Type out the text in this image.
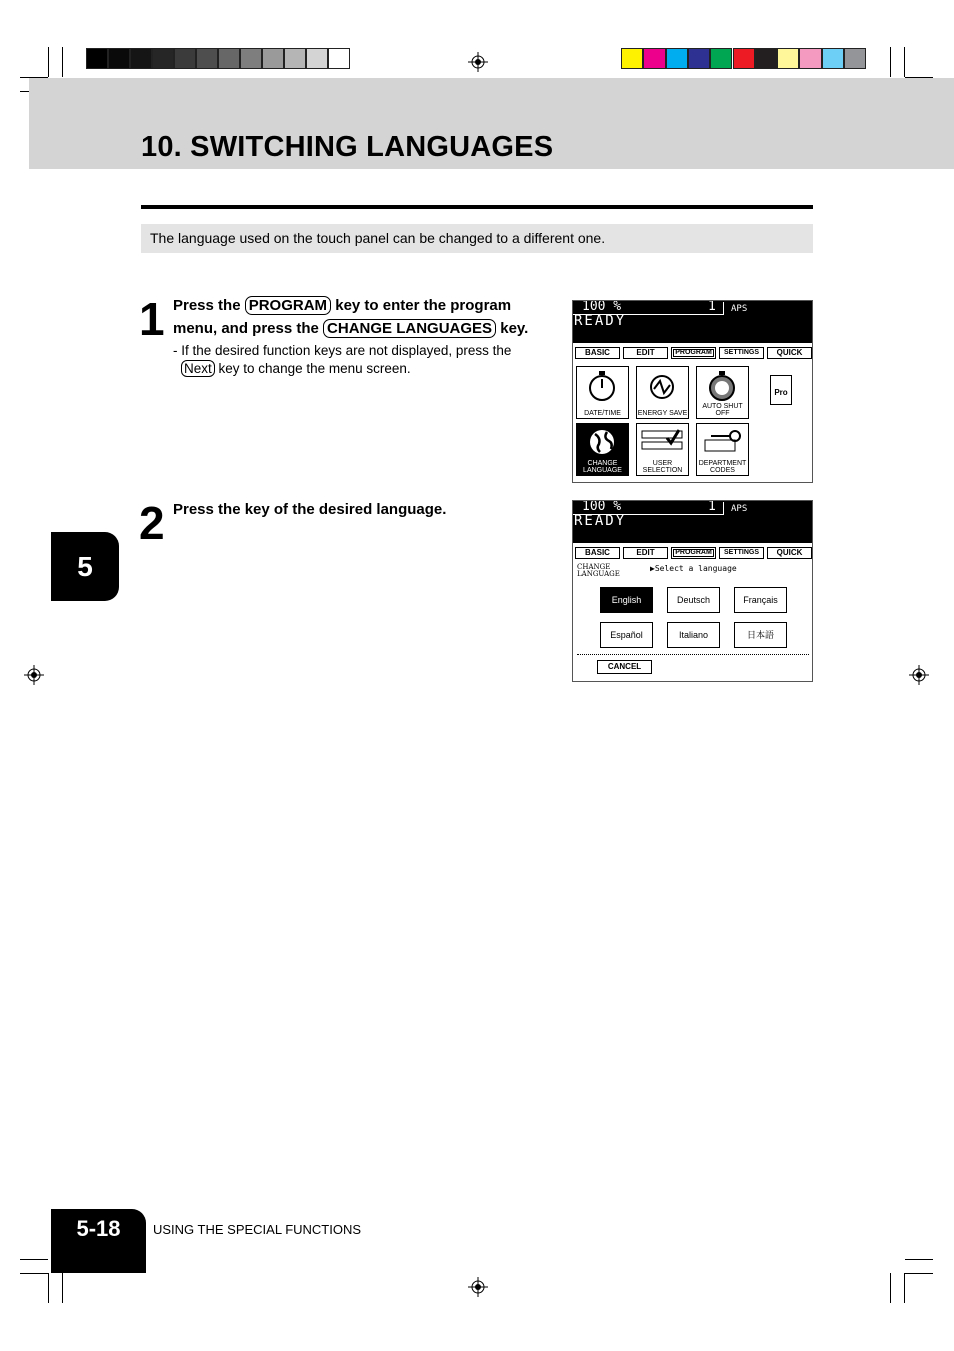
10. SWITCHING LANGUAGES
The language used on the touch panel can be changed to a different one.
1 Press the PROGRAM key to enter the program
menu, and press the CHANGE LANGUAGES key.
- If the desired function keys are not displayed, press the
Next key to change the menu screen.
100 %	1 APS
READY
BASIC	EDIT	PROGRAM	SETTINGS	QUICK
DATE/TIME	ENERGY SAVE
AUTO SHUT OFF
Pro
CHANGE LANGUAGE
USER SELECTION
DEPARTMENT CODES
2 Press the key of the desired language.	100 %	1 APS
READY
BASIC	EDIT	PROGRAM	SETTINGS	QUICK
CHANGE
LANGUAGE
▶Select a language
English	Deutsch	Français
Español	Italiano	日本語
CANCEL
5
5-18	USING THE SPECIAL FUNCTIONS
